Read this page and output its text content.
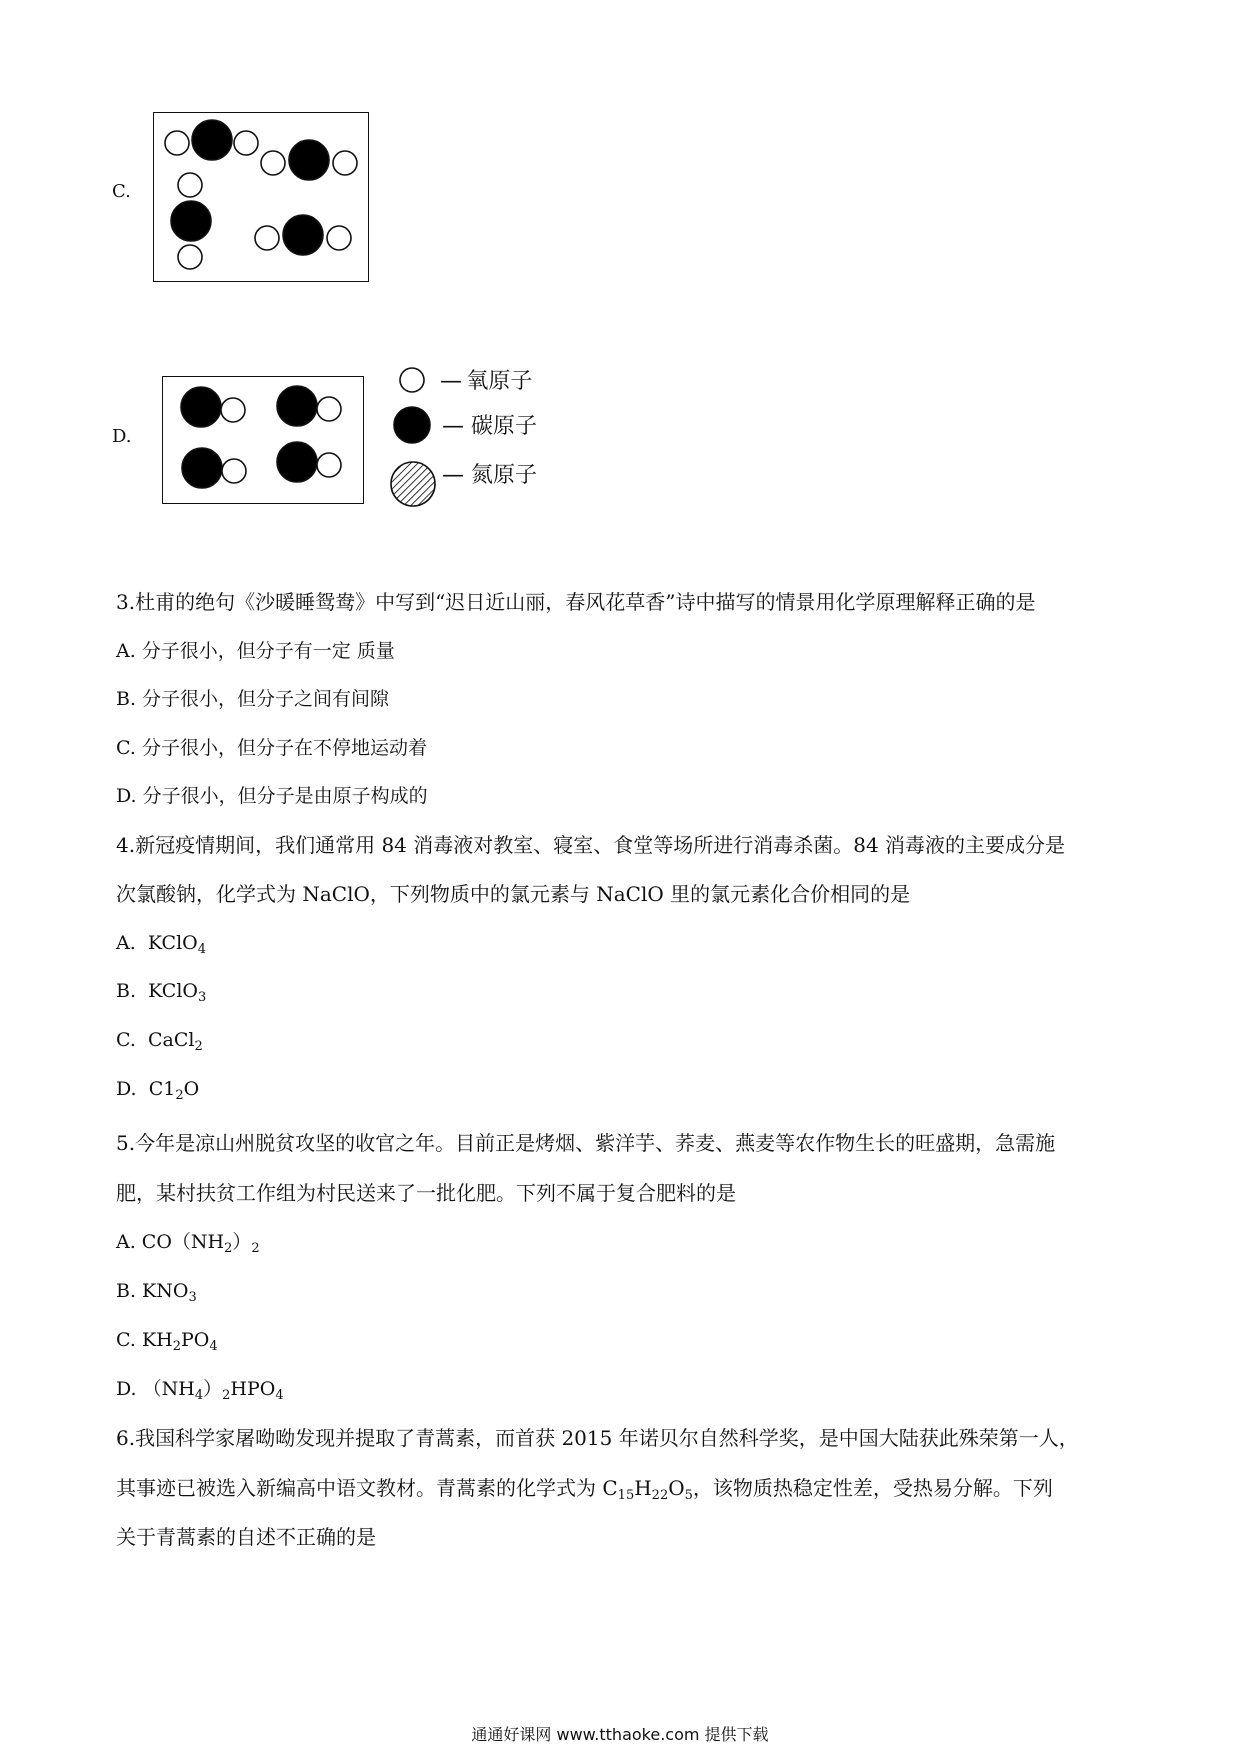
C.
D.
— 氧原子
— 碳原子
— 氮原子
3.杜甫的绝句《沙暖睡鸳鸯》中写到“迟日近山丽，春风花草香”诗中描写的情景用化学原理解释正确的是
A. 分子很小，但分子有一定 质量
B. 分子很小，但分子之间有间隙
C. 分子很小，但分子在不停地运动着
D. 分子很小，但分子是由原子构成的
4.新冠疫情期间，我们通常用 84 消毒液对教室、寝室、食堂等场所进行消毒杀菌。84 消毒液的主要成分是
次氯酸钠，化学式为 NaClO，下列物质中的氯元素与 NaClO 里的氯元素化合价相同的是
A. KClO$_4$
B. KClO$_3$
C. CaCl$_2$
D. $C1_2O$
5.今年是凉山州脱贫攻坚的收官之年。目前正是烤烟、紫洋芋、荞麦、燕麦等农作物生长的旺盛期，急需施
肥，某村扶贫工作组为村民送来了一批化肥。下列不属于复合肥料的是
A. $CO(NH_2)_2$
B. $KNO_3$
C. $KH_2PO_4$
D. $(NH_4)_2HPO_4$
6.我国科学家屠呦呦发现并提取了青蒿素，而首获 2015 年诺贝尔自然科学奖，是中国大陆获此殊荣第一人，
其事迹已被选入新编高中语文教材。青蒿素的化学式为 $C_{15}H_{22}O_5$，该物质热稳定性差，受热易分解。下列
关于青蒿素的自述不正确的是
通通好课网 www.tthaoke.com 提供下载
